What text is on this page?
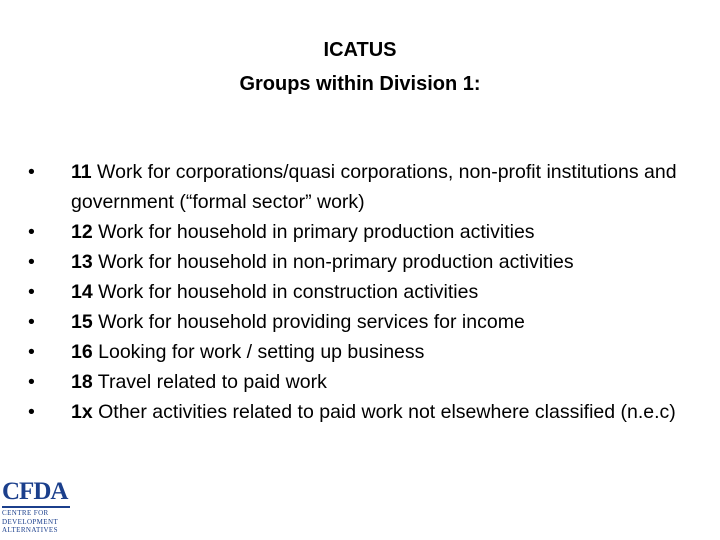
ICATUS
Groups within Division 1:
•	11 Work for corporations/quasi corporations, non-profit institutions and government (“formal sector” work)
•	12 Work for household in primary production activities
•	13 Work for household in non-primary production activities
•	14 Work for household in construction activities
•	15 Work for household providing services for income
•	16 Looking for work / setting up business
•	18 Travel related to paid work
•	1x Other activities related to paid work not elsewhere classified (n.e.c)
CFDA
CENTRE FOR
DEVELOPMENT
ALTERNATIVES
